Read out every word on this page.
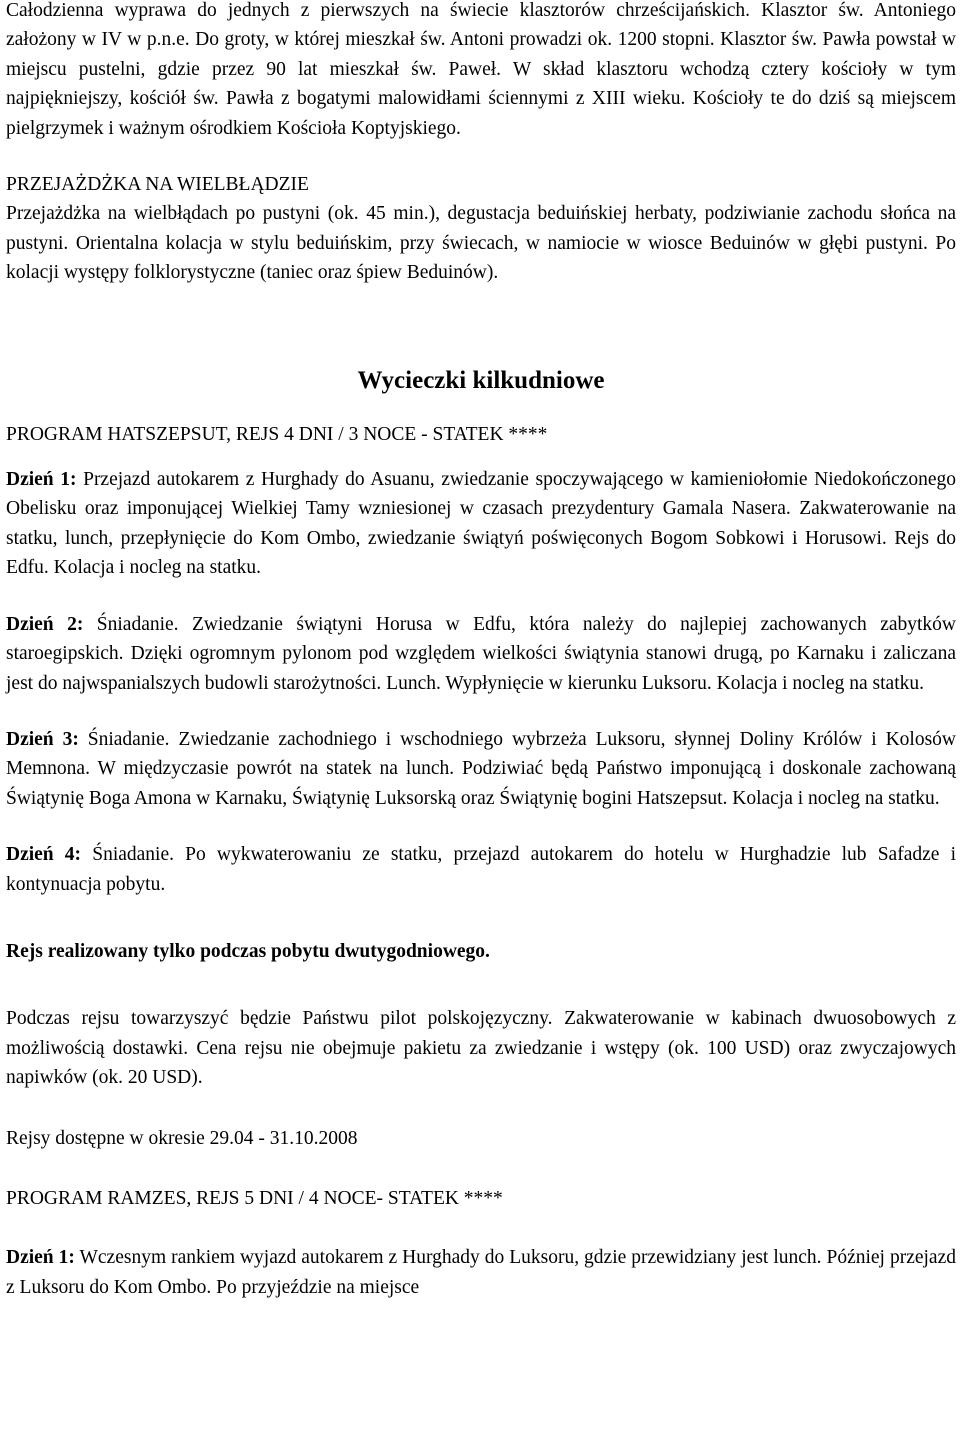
Całodzienna wyprawa do jednych z pierwszych na świecie klasztorów chrześcijańskich. Klasztor św. Antoniego założony w IV w p.n.e. Do groty, w której mieszkał św. Antoni prowadzi ok. 1200 stopni. Klasztor św. Pawła powstał w miejscu pustelni, gdzie przez 90 lat mieszkał św. Paweł. W skład klasztoru wchodzą cztery kościoły w tym najpiękniejszy, kościół św. Pawła z bogatymi malowidłami ściennymi z XIII wieku. Kościoły te do dziś są miejscem pielgrzymek i ważnym ośrodkiem Kościoła Koptyjskiego.

PRZEJAŻDŻKA NA WIELBŁĄDZIE

Przejażdżka na wielbłądach po pustyni (ok. 45 min.), degustacja beduińskiej herbaty, podziwianie zachodu słońca na pustyni. Orientalna kolacja w stylu beduińskim, przy świecach, w namiocie w wiosce Beduinów w głębi pustyni. Po kolacji występy folklorystyczne (taniec oraz śpiew Beduinów).

Wycieczki kilkudniowe
PROGRAM HATSZEPSUT, REJS 4 DNI / 3 NOCE - STATEK ****

Dzień 1: Przejazd autokarem z Hurghady do Asuanu, zwiedzanie spoczywającego w kamieniołomie Niedokończonego Obelisku oraz imponującej Wielkiej Tamy wzniesionej w czasach prezydentury Gamala Nasera. Zakwaterowanie na statku, lunch, przepłynięcie do Kom Ombo, zwiedzanie świątyń poświęconych Bogom Sobkowi i Horusowi. Rejs do Edfu. Kolacja i nocleg na statku.

Dzień 2: Śniadanie. Zwiedzanie świątyni Horusa w Edfu, która należy do najlepiej zachowanych zabytków staroegipskich. Dzięki ogromnym pylonom pod względem wielkości świątynia stanowi drugą, po Karnaku i zaliczana jest do najwspanialszych budowli starożytności. Lunch. Wypłynięcie w kierunku Luksoru. Kolacja i nocleg na statku.

Dzień 3: Śniadanie. Zwiedzanie zachodniego i wschodniego wybrzeża Luksoru, słynnej Doliny Królów i Kolosów Memnona. W międzyczasie powrót na statek na lunch. Podziwiać będą Państwo imponującą i doskonale zachowaną Świątynię Boga Amona w Karnaku, Świątynię Luksorską oraz Świątynię bogini Hatszepsut. Kolacja i nocleg na statku.

Dzień 4: Śniadanie. Po wykwaterowaniu ze statku, przejazd autokarem do hotelu w Hurghadzie lub Safadze i kontynuacja pobytu.

Rejs realizowany tylko podczas pobytu dwutygodniowego.

Podczas rejsu towarzyszyć będzie Państwu pilot polskojęzyczny. Zakwaterowanie w kabinach dwuosobowych z możliwością dostawki. Cena rejsu nie obejmuje pakietu za zwiedzanie i wstępy (ok. 100 USD) oraz zwyczajowych napiwków (ok. 20 USD).

Rejsy dostępne w okresie 29.04 - 31.10.2008
PROGRAM RAMZES, REJS 5 DNI / 4 NOCE- STATEK ****

Dzień 1: Wczesnym rankiem wyjazd autokarem z Hurghady do Luksoru, gdzie przewidziany jest lunch. Później przejazd z Luksoru do Kom Ombo. Po przyjeździe na miejsce
